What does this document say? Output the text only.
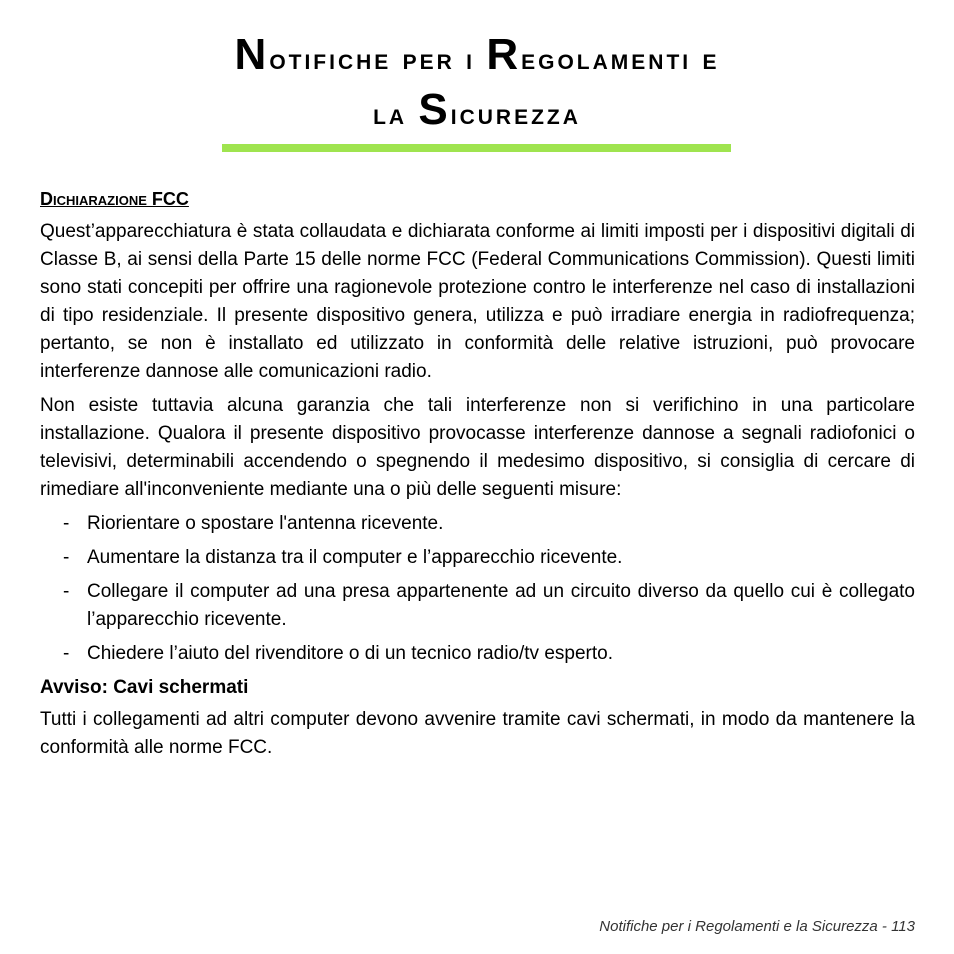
Notifiche per i Regolamenti e
la Sicurezza
Dichiarazione FCC

Quest’apparecchiatura è stata collaudata e dichiarata conforme ai limiti imposti per i dispositivi digitali di Classe B, ai sensi della Parte 15 delle norme FCC (Federal Communications Commission). Questi limiti sono stati concepiti per offrire una ragionevole protezione contro le interferenze nel caso di installazioni di tipo residenziale. Il presente dispositivo genera, utilizza e può irradiare energia in radiofrequenza; pertanto, se non è installato ed utilizzato in conformità delle relative istruzioni, può provocare interferenze dannose alle comunicazioni radio.

Non esiste tuttavia alcuna garanzia che tali interferenze non si verifichino in una particolare installazione. Qualora il presente dispositivo provocasse interferenze dannose a segnali radiofonici o televisivi, determinabili accendendo o spegnendo il medesimo dispositivo, si consiglia di cercare di rimediare all'inconveniente mediante una o più delle seguenti misure:

- Riorientare o spostare l'antenna ricevente.
- Aumentare la distanza tra il computer e l’apparecchio ricevente.
- Collegare il computer ad una presa appartenente ad un circuito diverso da quello cui è collegato l’apparecchio ricevente.
- Chiedere l’aiuto del rivenditore o di un tecnico radio/tv esperto.
Avviso: Cavi schermati

Tutti i collegamenti ad altri computer devono avvenire tramite cavi schermati, in modo da mantenere la conformità alle norme FCC.

Notifiche per i Regolamenti e la Sicurezza - 113
